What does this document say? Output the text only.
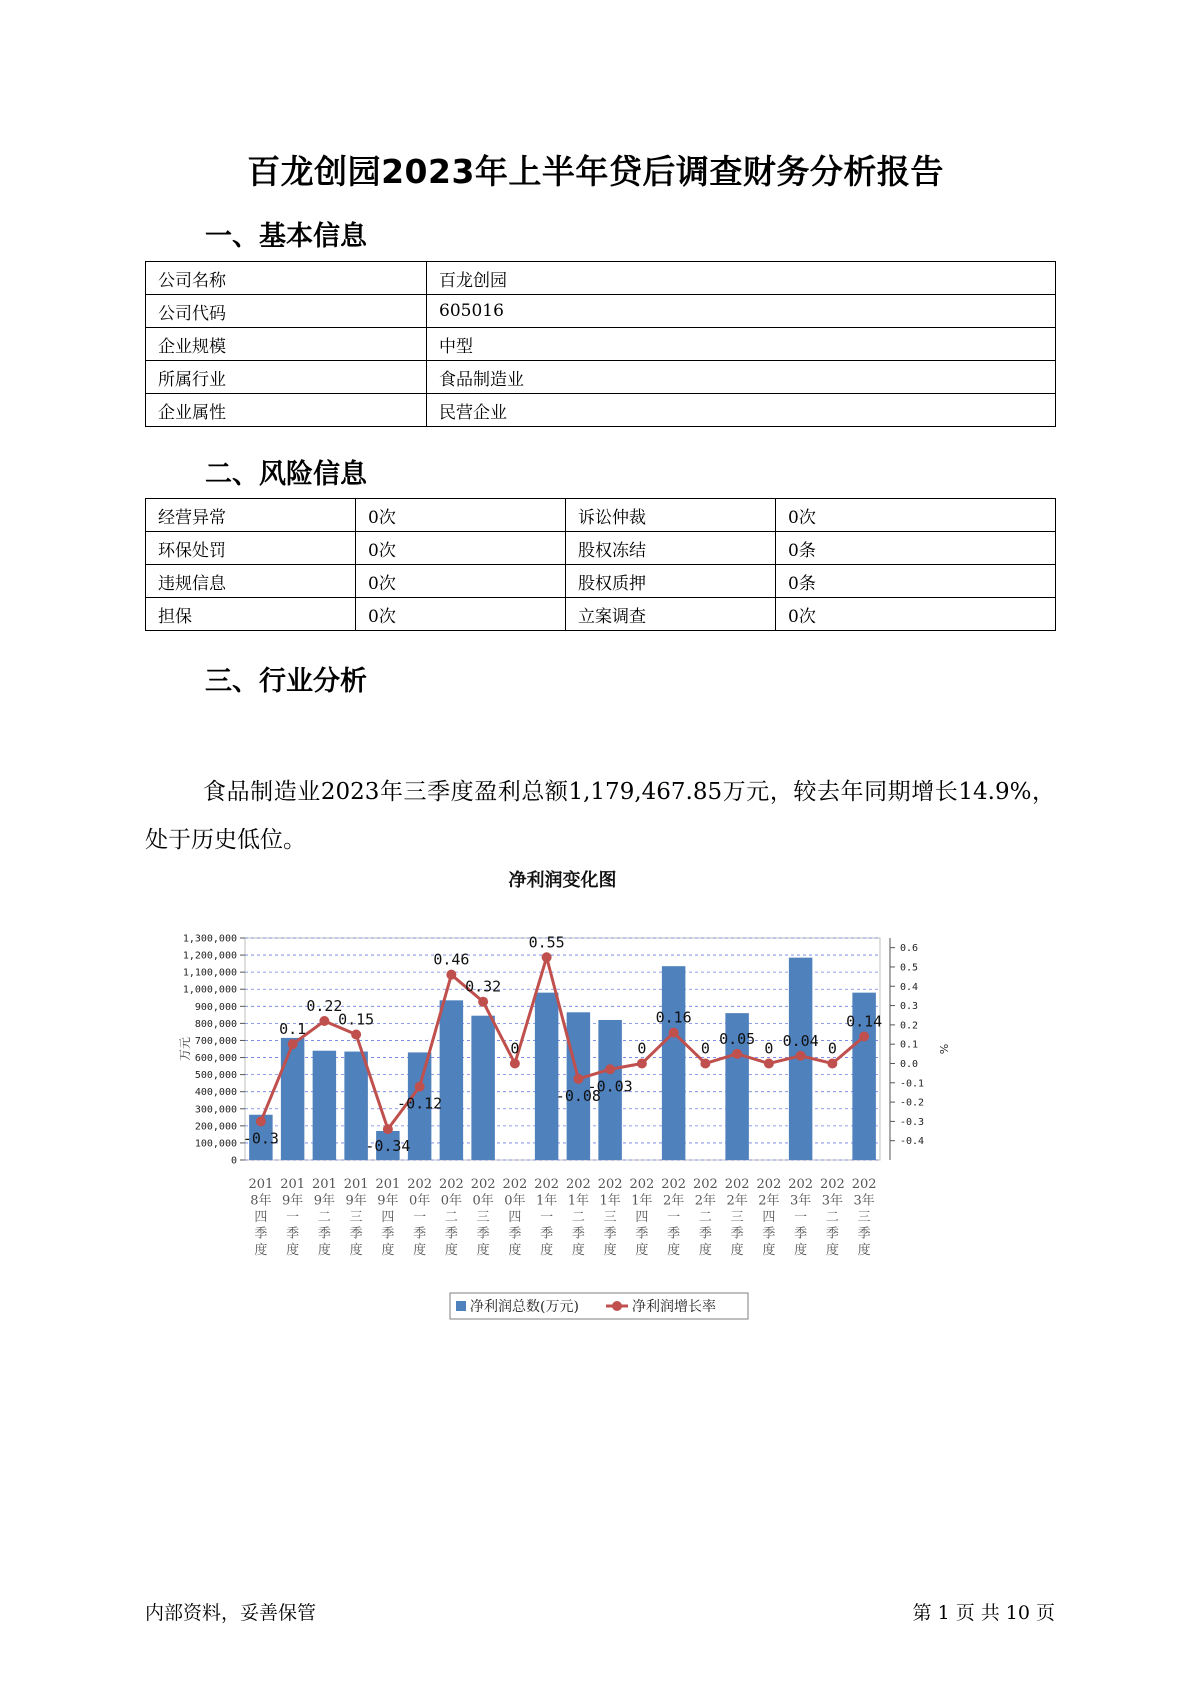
百龙创园2023年上半年贷后调查财务分析报告
一、基本信息
公司名称	百龙创园
公司代码	605016
企业规模	中型
所属行业	食品制造业
企业属性	民营企业
二、风险信息
经营异常	0次	诉讼仲裁	0次
环保处罚	0次	股权冻结	0条
违规信息	0次	股权质押	0条
担保	0次	立案调查	0次
三、行业分析

食品制造业2023年三季度盈利总额1,179,467.85万元，较去年同期增长14.9%，处于历史低位。

0
100,000
200,000
300,000
400,000
500,000
600,000
700,000
800,000
900,000
1,000,000
1,100,000
1,200,000
1,300,000
-0.4
-0.3
-0.2
-0.1
0.0
0.1
0.2
0.3
0.4
0.5
0.6
-0.3
0.1
0.22
0.15
-0.34
-0.12
0.46
0.32
0
0.55
-0.08
-0.03
0
0.16
0
0.05
0 0.04 0
0.14
201
8年
四
季
度
201
9年
一
季
度
201
9年
二
季
度
201
9年
三
季
度
201
9年
四
季
度
202
0年
一
季
度
202
0年
二
季
度
202
0年
三
季
度
202
0年
四
季
度
202
1年
一
季
度
202
1年
二
季
度
202
1年
三
季
度
202
1年
四
季
度
202
2年
一
季
度
202
2年
二
季
度
202
2年
三
季
度
202
2年
四
季
度
202
3年
一
季
度
202
3年
二
季
度
202
3年
三
季
度
万元	%
净利润变化图
净利润总数(万元)	净利润增长率
内部资料，妥善保管	第 1 页 共 10 页
